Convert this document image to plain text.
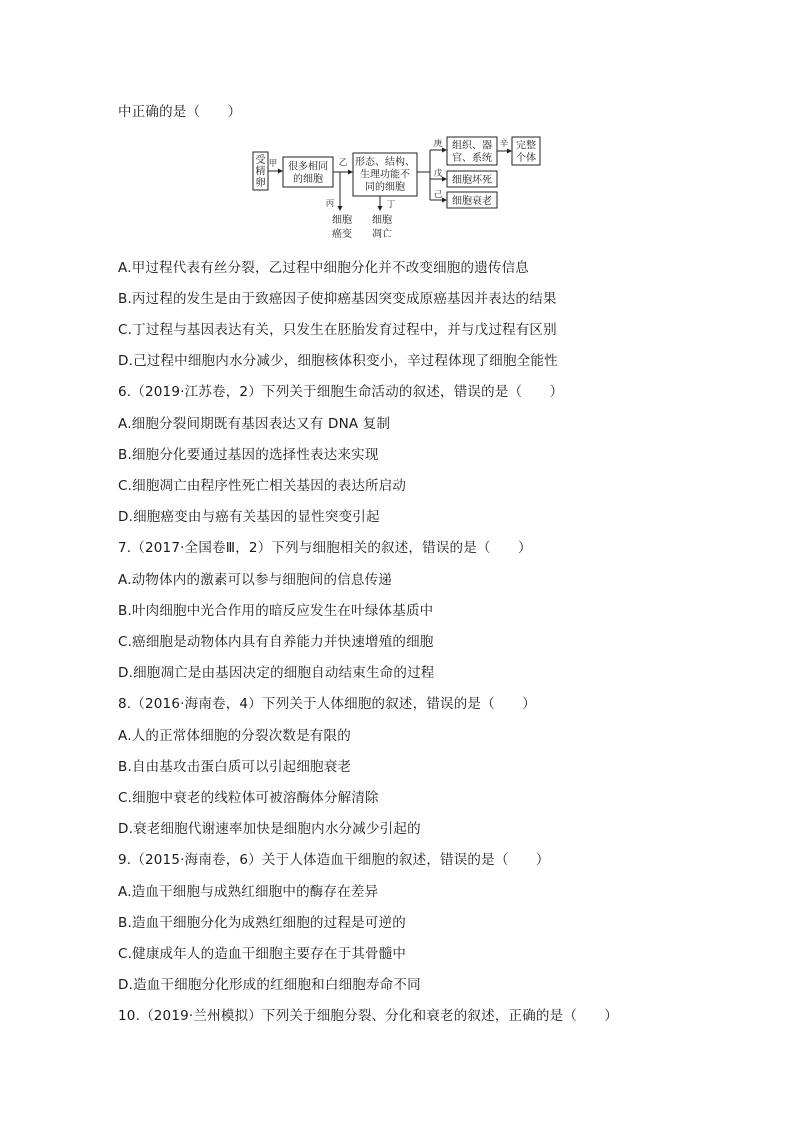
中正确的是（　　）
受
精
卵
甲 很多相同
的细胞
乙
丙
细胞
癌变
形态、结构、
生理功能不
同的细胞
丁
细胞
凋亡
庚
戊
己
组织、器
官、系统
辛 完整
个体
细胞坏死
细胞衰老
A.甲过程代表有丝分裂，乙过程中细胞分化并不改变细胞的遗传信息
B.丙过程的发生是由于致癌因子使抑癌基因突变成原癌基因并表达的结果
C.丁过程与基因表达有关，只发生在胚胎发育过程中，并与戊过程有区别
D.己过程中细胞内水分减少，细胞核体积变小，辛过程体现了细胞全能性
6.（2019·江苏卷，2）下列关于细胞生命活动的叙述，错误的是（　　）
A.细胞分裂间期既有基因表达又有 DNA 复制
B.细胞分化要通过基因的选择性表达来实现
C.细胞凋亡由程序性死亡相关基因的表达所启动
D.细胞癌变由与癌有关基因的显性突变引起
7.（2017·全国卷Ⅲ，2）下列与细胞相关的叙述，错误的是（　　）
A.动物体内的激素可以参与细胞间的信息传递
B.叶肉细胞中光合作用的暗反应发生在叶绿体基质中
C.癌细胞是动物体内具有自养能力并快速增殖的细胞
D.细胞凋亡是由基因决定的细胞自动结束生命的过程
8.（2016·海南卷，4）下列关于人体细胞的叙述，错误的是（　　）
A.人的正常体细胞的分裂次数是有限的
B.自由基攻击蛋白质可以引起细胞衰老
C.细胞中衰老的线粒体可被溶酶体分解清除
D.衰老细胞代谢速率加快是细胞内水分减少引起的
9.（2015·海南卷，6）关于人体造血干细胞的叙述，错误的是（　　）
A.造血干细胞与成熟红细胞中的酶存在差异
B.造血干细胞分化为成熟红细胞的过程是可逆的
C.健康成年人的造血干细胞主要存在于其骨髓中
D.造血干细胞分化形成的红细胞和白细胞寿命不同
10.（2019·兰州模拟）下列关于细胞分裂、分化和衰老的叙述，正确的是（　　）
